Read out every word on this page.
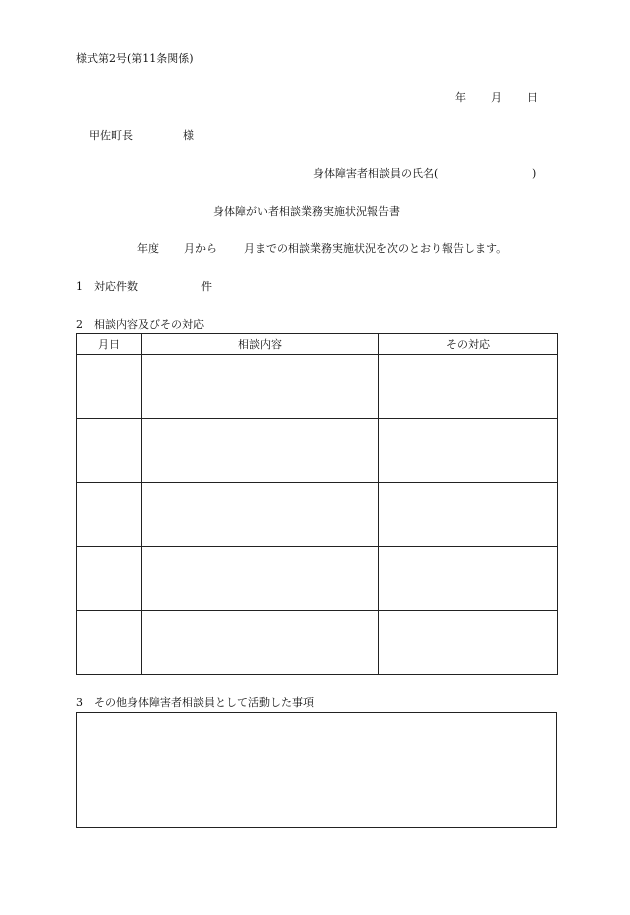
様式第2号(第11条関係)
年 月 日
甲佐町長	様
身体障害者相談員の氏名(	)
身体障がい者相談業務実施状況報告書
年度 月から 月までの相談業務実施状況を次のとおり報告します。
1　対応件数	件
2　相談内容及びその対応
月日	相談内容	その対応

3　その他身体障害者相談員として活動した事項
